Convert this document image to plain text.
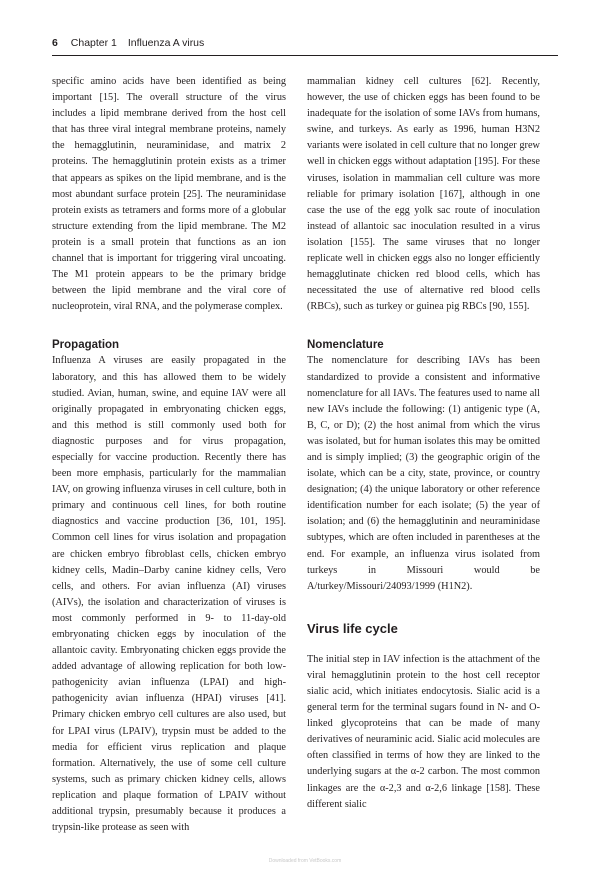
6 Chapter 1 Influenza A virus

specific amino acids have been identified as being important [15]. The overall structure of the virus includes a lipid membrane derived from the host cell that has three viral integral membrane proteins, namely the hemagglutinin, neuraminidase, and matrix 2 proteins. The hemagglutinin protein exists as a trimer that appears as spikes on the lipid membrane, and is the most abundant surface protein [25]. The neuraminidase protein exists as tetramers and forms more of a globular structure extending from the lipid membrane. The M2 protein is a small protein that functions as an ion channel that is important for triggering viral uncoating. The M1 protein appears to be the primary bridge between the lipid membrane and the viral core of nucleoprotein, viral RNA, and the polymerase complex.

Propagation

Influenza A viruses are easily propagated in the laboratory, and this has allowed them to be widely studied. Avian, human, swine, and equine IAV were all originally propagated in embryonating chicken eggs, and this method is still commonly used both for diagnostic purposes and for virus propagation, especially for vaccine production. Recently there has been more emphasis, particularly for the mammalian IAV, on growing influenza viruses in cell culture, both in primary and continuous cell lines, for both routine diagnostics and vaccine production [36, 101, 195]. Common cell lines for virus isolation and propagation are chicken embryo fibroblast cells, chicken embryo kidney cells, Madin–Darby canine kidney cells, Vero cells, and others. For avian influenza (AI) viruses (AIVs), the isolation and characterization of viruses is most commonly performed in 9- to 11-day-old embryonating chicken eggs by inoculation of the allantoic cavity. Embryonating chicken eggs provide the added advantage of allowing replication for both low-pathogenicity avian influenza (LPAI) and high-pathogenicity avian influenza (HPAI) viruses [41]. Primary chicken embryo cell cultures are also used, but for LPAI virus (LPAIV), trypsin must be added to the media for efficient virus replication and plaque formation. Alternatively, the use of some cell culture systems, such as primary chicken kidney cells, allows replication and plaque formation of LPAIV without additional trypsin, presumably because it produces a trypsin-like protease as seen with

mammalian kidney cell cultures [62]. Recently, however, the use of chicken eggs has been found to be inadequate for the isolation of some IAVs from humans, swine, and turkeys. As early as 1996, human H3N2 variants were isolated in cell culture that no longer grew well in chicken eggs without adaptation [195]. For these viruses, isolation in mammalian cell culture was more reliable for primary isolation [167], although in one case the use of the egg yolk sac route of inoculation instead of allantoic sac inoculation resulted in a virus isolation [155]. The same viruses that no longer replicate well in chicken eggs also no longer efficiently hemagglutinate chicken red blood cells, which has necessitated the use of alternative red blood cells (RBCs), such as turkey or guinea pig RBCs [90, 155].

Nomenclature

The nomenclature for describing IAVs has been standardized to provide a consistent and informative nomenclature for all IAVs. The features used to name all new IAVs include the following: (1) antigenic type (A, B, C, or D); (2) the host animal from which the virus was isolated, but for human isolates this may be omitted and is simply implied; (3) the geographic origin of the isolate, which can be a city, state, province, or country designation; (4) the unique laboratory or other reference identification number for each isolate; (5) the year of isolation; and (6) the hemagglutinin and neuraminidase subtypes, which are often included in parentheses at the end. For example, an influenza virus isolated from turkeys in Missouri would be A/turkey/Missouri/24093/1999 (H1N2).

Virus life cycle

The initial step in IAV infection is the attachment of the viral hemagglutinin protein to the host cell receptor sialic acid, which initiates endocytosis. Sialic acid is a general term for the terminal sugars found in N- and O-linked glycoproteins that can be made of many derivatives of neuraminic acid. Sialic acid molecules are often classified in terms of how they are linked to the underlying sugars at the α-2 carbon. The most common linkages are the α-2,3 and α-2,6 linkage [158]. These different sialic

Downloaded from VetBooks.com
